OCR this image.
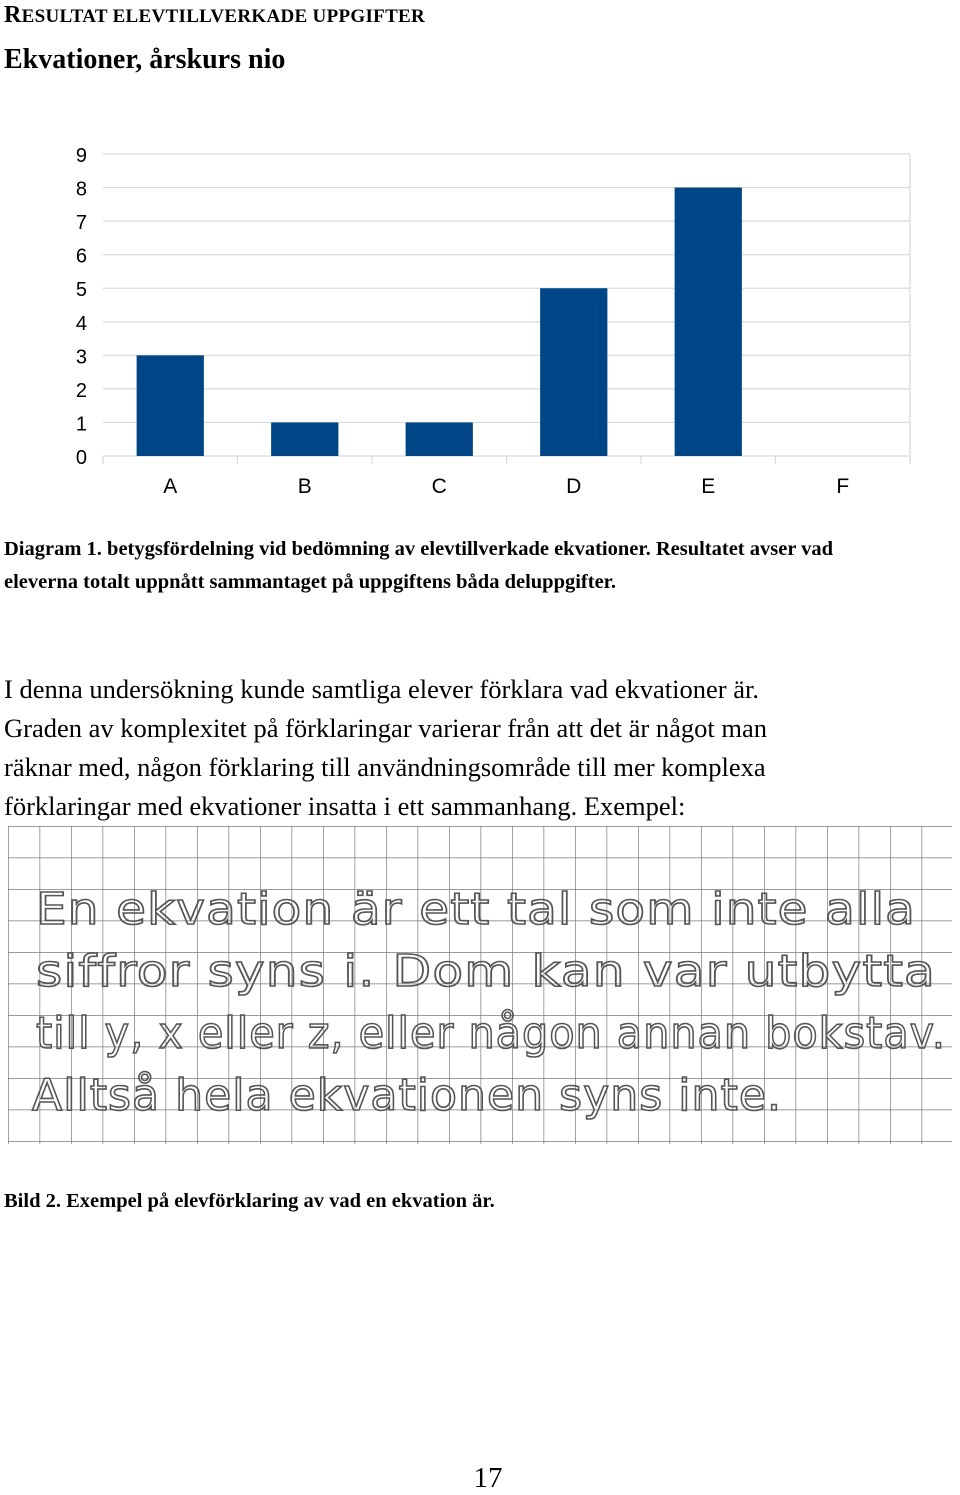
RESULTAT ELEVTILLVERKADE UPPGIFTER
Ekvationer, årskurs nio
0
1
2
3
4
5
6
7
8
9
A	B	C	D	E	F
Diagram 1. betygsfördelning vid bedömning av elevtillverkade ekvationer. Resultatet avser vad eleverna totalt uppnått sammantaget på uppgiftens båda deluppgifter.
I denna undersökning kunde samtliga elever förklara vad ekvationer är.
Graden av komplexitet på förklaringar varierar från att det är något man
räknar med, någon förklaring till användningsområde till mer komplexa
förklaringar med ekvationer insatta i ett sammanhang. Exempel:
En ekvation är ett tal som inte alla
siffror syns i. Dom kan var utbytta
till y, x eller z, eller någon annan bokstav.
Alltså hela ekvationen syns inte.
Bild 2. Exempel på elevförklaring av vad en ekvation är.
17
